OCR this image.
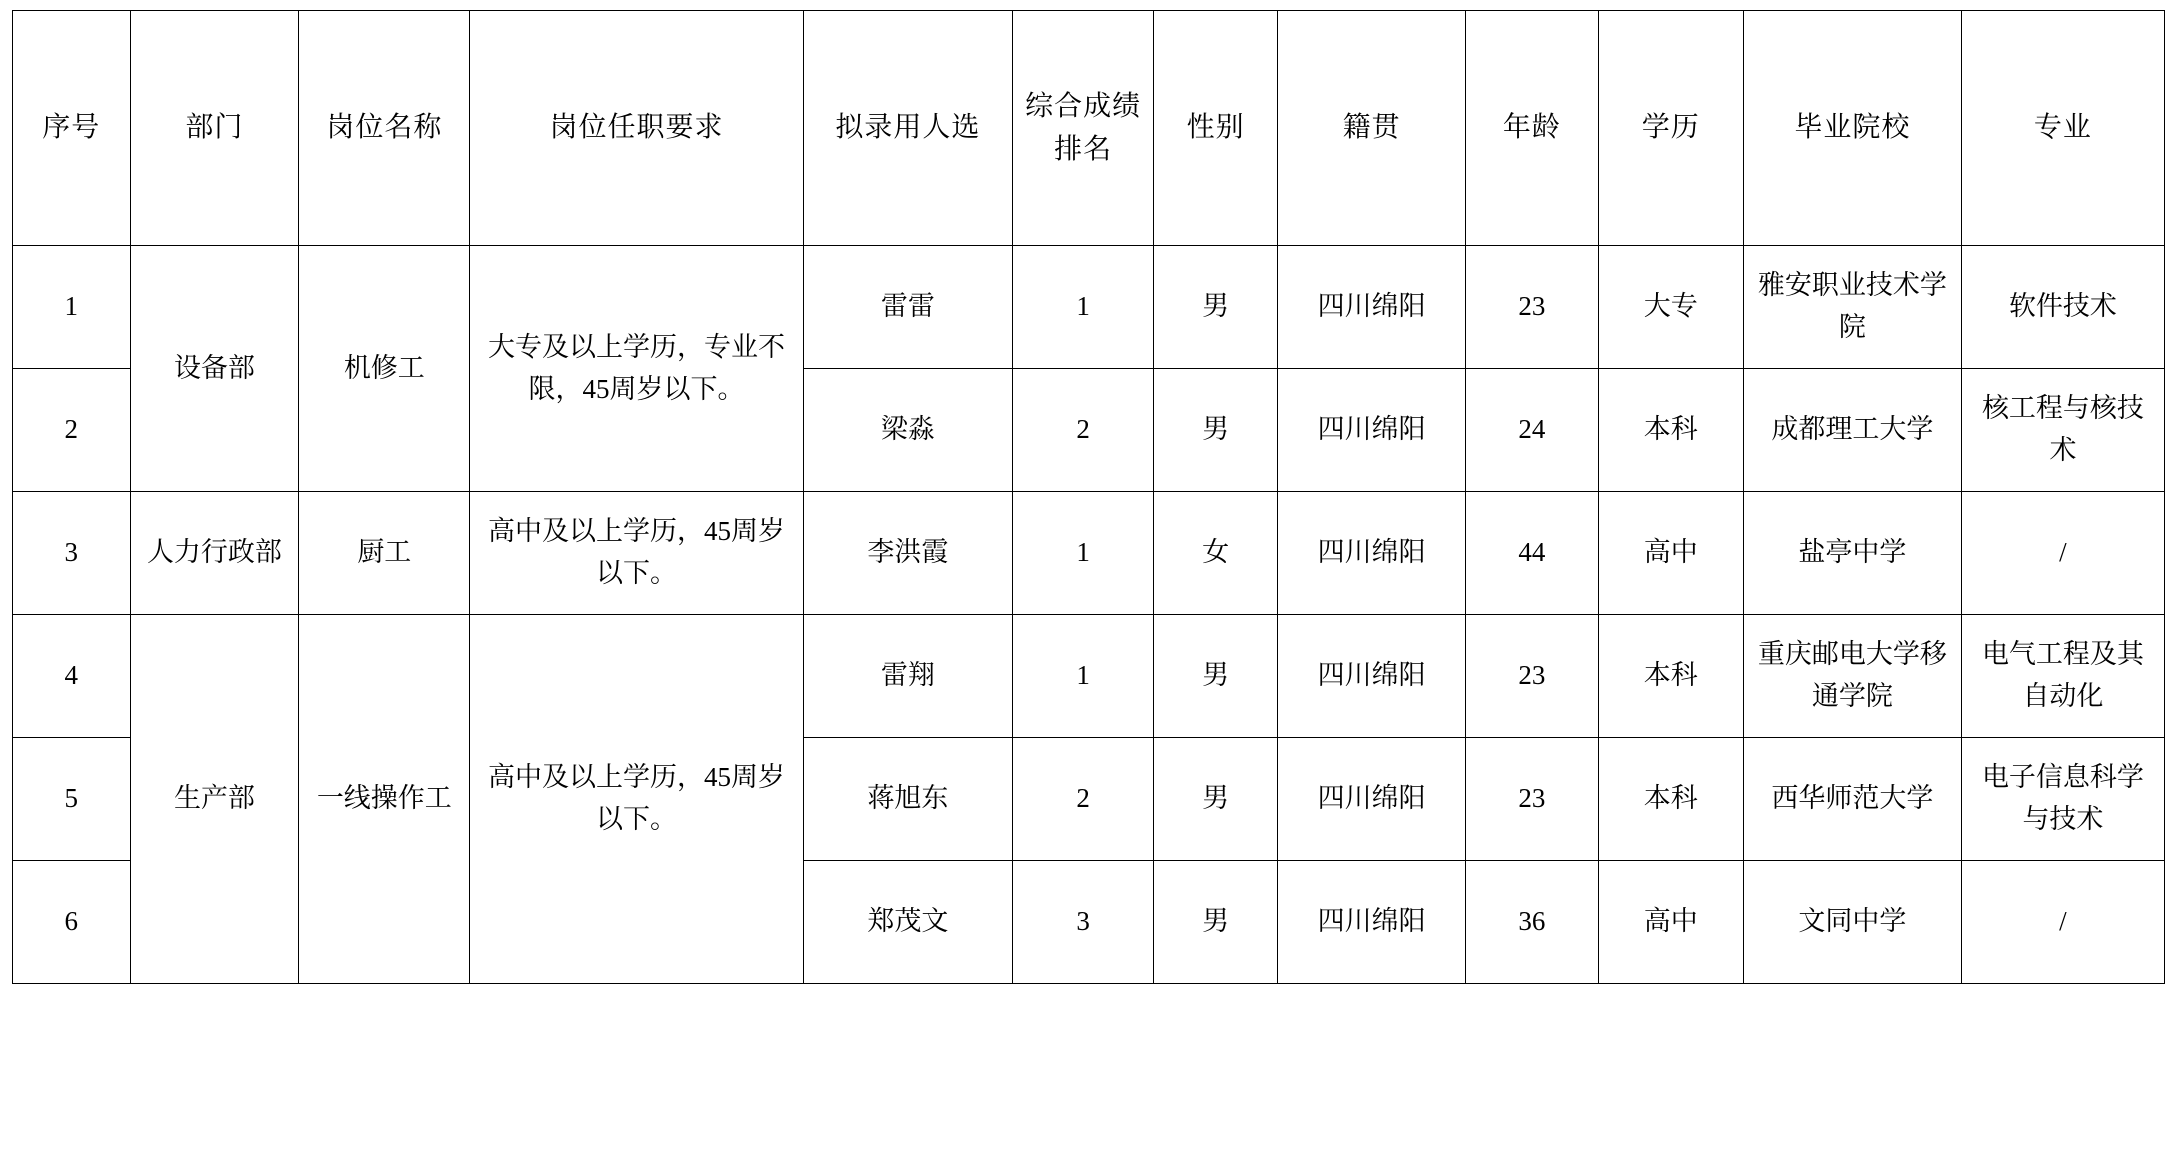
序号	部门	岗位名称	岗位任职要求	拟录用人选	综合成绩排名	性别	籍贯	年龄	学历	毕业院校	专业
1	设备部	机修工	大专及以上学历，专业不限，45周岁以下。	雷雷	1	男	四川绵阳	23	大专	雅安职业技术学院	软件技术
2				梁淼	2	男	四川绵阳	24	本科	成都理工大学	核工程与核技术
3	人力行政部	厨工	高中及以上学历，45周岁以下。	李洪霞	1	女	四川绵阳	44	高中	盐亭中学	/
4	生产部	一线操作工	高中及以上学历，45周岁以下。	雷翔	1	男	四川绵阳	23	本科	重庆邮电大学移通学院	电气工程及其自动化
5				蒋旭东	2	男	四川绵阳	23	本科	西华师范大学	电子信息科学与技术
6				郑茂文	3	男	四川绵阳	36	高中	文同中学	/
